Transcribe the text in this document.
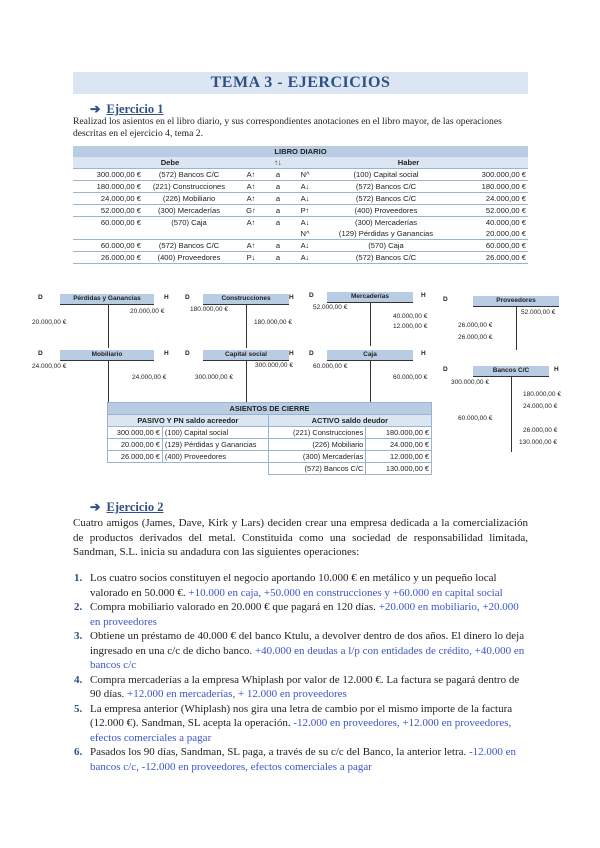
TEMA 3 - EJERCICIOS
➔ Ejercicio 1
Realizad los asientos en el libro diario, y sus correspondientes anotaciones en el libro mayor, de las operaciones descritas en el ejercicio 4, tema 2.
LIBRO DIARIO						
Debe			↑↓	Haber		
300.000,00 €	(572) Bancos C/C	A↑	a	N^	(100) Capital social	300.000,00 €
180.000,00 €	(221) Construcciones	A↑	a	A↓	(572) Bancos C/C	180.000,00 €
24.000,00 €	(226) Mobiliario	A↑	a	A↓	(572) Bancos C/C	24.000,00 €
52.000,00 €	(300) Mercaderías	G↑	a	P↑	(400) Proveedores	52.000,00 €
60.000,00 €	(570) Caja	A↑	a	A↓	(300) Mercaderías	40.000,00 €
				N^	(129) Pérdidas y Ganancias	20.000,00 €
60.000,00 €	(572) Bancos C/C	A↑	a	A↓	(570) Caja	60.000,00 €
26.000,00 €	(400) Proveedores	P↓	a	A↓	(572) Bancos C/C	26.000,00 €
D	H
Pérdidas y Ganancias
20.000,00 €
20.000,00 €
D	H
Construcciones
180.000,00 €
180.000,00 €
D	H
Mercaderías
52.000,00 €
40.000,00 €
12.000,00 €
D	Proveedores
52.000,00 €
26.000,00 €
26.000,00 €
D	H
Mobiliario
24.000,00 €
24.000,00 €
D	H
Capital social
300.000,00 €
300.000,00 €
D	H
Caja
60.000,00 €
60.000,00 €
D	H
Bancos C/C
300.000,00 €
180.000,00 €
24.000,00 €
60.000,00 €
26.000,00 €
130.000,00 €
ASIENTOS DE CIERRE			
PASIVO Y PN saldo acreedor		ACTIVO saldo deudor	
300.000,00 €	(100) Capital social	(221) Construcciones	180.000,00 €
20.000,00 €	(129) Pérdidas y Ganancias	(226) Mobiliario	24.000,00 €
26.000,00 €	(400) Proveedores	(300) Mercaderías	12.000,00 €
		(572) Bancos C/C	130.000,00 €
➔ Ejercicio 2
Cuatro amigos (James, Dave, Kirk y Lars) deciden crear una empresa dedicada a la comercialización de productos derivados del metal. Constituida como una sociedad de responsabilidad limitada, Sandman, S.L. inicia su andadura con las siguientes operaciones:
1. Los cuatro socios constituyen el negocio aportando 10.000 € en metálico y un pequeño local valorado en 50.000 €. +10.000 en caja, +50.000 en construcciones y +60.000 en capital social
2. Compra mobiliario valorado en 20.000 € que pagará en 120 días. +20.000 en mobiliario, +20.000 en proveedores
3. Obtiene un préstamo de 40.000 € del banco Ktulu, a devolver dentro de dos años. El dinero lo deja ingresado en una c/c de dicho banco. +40.000 en deudas a l/p con entidades de crédito, +40.000 en bancos c/c
4. Compra mercaderías a la empresa Whiplash por valor de 12.000 €. La factura se pagará dentro de 90 días. +12.000 en mercaderías, + 12.000 en proveedores
5. La empresa anterior (Whiplash) nos gira una letra de cambio por el mismo importe de la factura (12.000 €). Sandman, SL acepta la operación. -12.000 en proveedores, +12.000 en proveedores, efectos comerciales a pagar
6. Pasados los 90 días, Sandman, SL paga, a través de su c/c del Banco, la anterior letra. -12.000 en bancos c/c, -12.000 en proveedores, efectos comerciales a pagar
